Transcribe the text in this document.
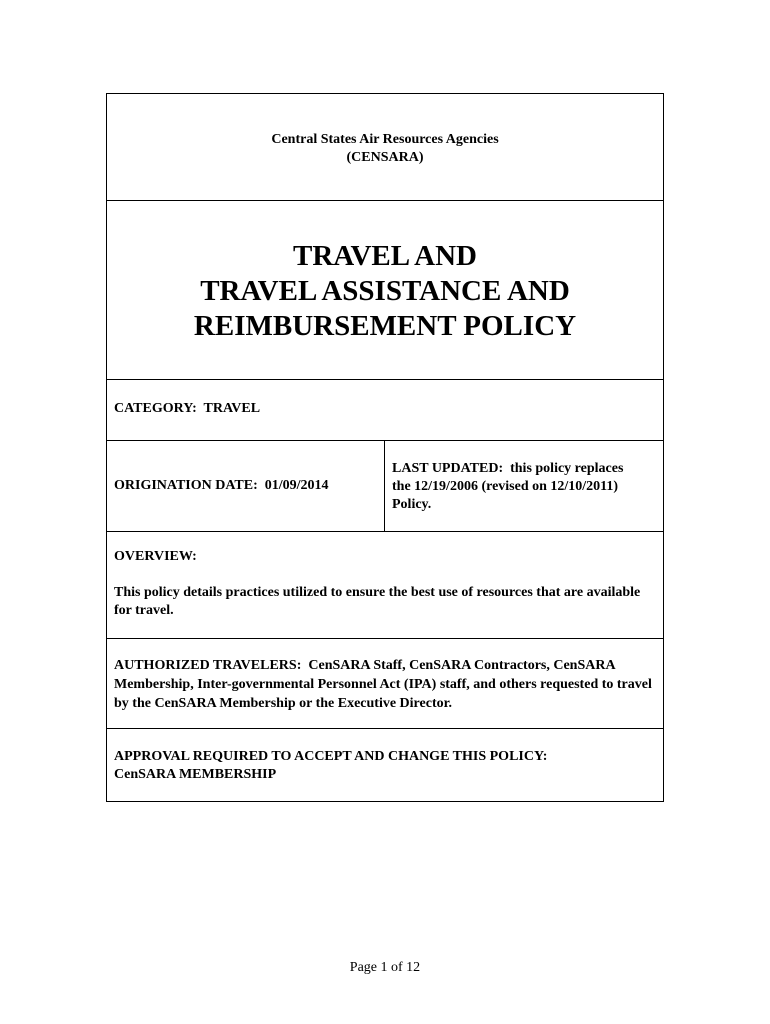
Central States Air Resources Agencies
(CENSARA)
TRAVEL AND
TRAVEL ASSISTANCE AND
REIMBURSEMENT POLICY
CATEGORY:  TRAVEL
ORIGINATION DATE:  01/09/2014
LAST UPDATED:  this policy replaces
the 12/19/2006 (revised on 12/10/2011)
Policy.
OVERVIEW:
This policy details practices utilized to ensure the best use of resources that are available for travel.
AUTHORIZED TRAVELERS:  CenSARA Staff, CenSARA Contractors, CenSARA Membership, Inter-governmental Personnel Act (IPA) staff, and others requested to travel by the CenSARA Membership or the Executive Director.
APPROVAL REQUIRED TO ACCEPT AND CHANGE THIS POLICY:
CenSARA MEMBERSHIP
Page 1 of 12
